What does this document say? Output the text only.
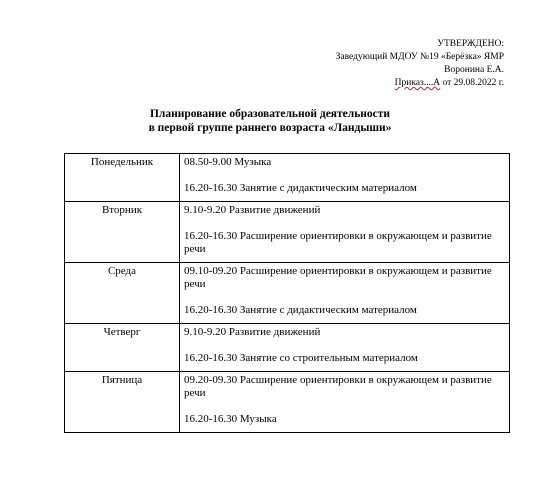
УТВЕРЖДЕНО:
Заведующий МДОУ №19 «Берёзка» ЯМР
Воронина Е.А.
Приказ....А от 29.08.2022 г.
Планирование образовательной деятельности
в первой группе раннего возраста «Ландыши»
Понедельник	08.50-9.00 Музыка
16.20-16.30 Занятие с дидактическим материалом

Вторник	9.10-9.20 Развитие движений
16.20-16.30 Расширение ориентировки в окружающем и развитие речи

Среда	09.10-09.20 Расширение ориентировки в окружающем и развитие речи
16.20-16.30 Занятие с дидактическим материалом

Четверг	9.10-9.20 Развитие движений
16.20-16.30 Занятие со строительным материалом

Пятница	09.20-09.30 Расширение ориентировки в окружающем и развитие речи
16.20-16.30 Музыка
